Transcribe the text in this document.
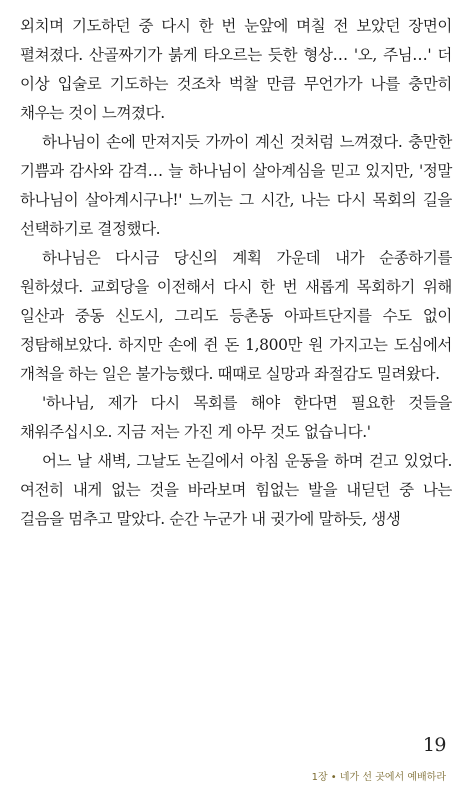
외치며 기도하던 중 다시 한 번 눈앞에 며칠 전 보았던 장면이 펼쳐졌다. 산골짜기가 붉게 타오르는 듯한 형상… '오, 주님…' 더 이상 입술로 기도하는 것조차 벅찰 만큼 무언가가 나를 충만히 채우는 것이 느껴졌다.

하나님이 손에 만져지듯 가까이 계신 것처럼 느껴졌다. 충만한 기쁨과 감사와 감격… 늘 하나님이 살아계심을 믿고 있지만, '정말 하나님이 살아계시구나!' 느끼는 그 시간, 나는 다시 목회의 길을 선택하기로 결정했다.

하나님은 다시금 당신의 계획 가운데 내가 순종하기를 원하셨다. 교회당을 이전해서 다시 한 번 새롭게 목회하기 위해 일산과 중동 신도시, 그리도 등촌동 아파트단지를 수도 없이 정탐해보았다. 하지만 손에 쥔 돈 1,800만 원 가지고는 도심에서 개척을 하는 일은 불가능했다. 때때로 실망과 좌절감도 밀려왔다.

'하나님, 제가 다시 목회를 해야 한다면 필요한 것들을 채워주십시오. 지금 저는 가진 게 아무 것도 없습니다.'

어느 날 새벽, 그날도 논길에서 아침 운동을 하며 걷고 있었다. 여전히 내게 없는 것을 바라보며 힘없는 발을 내딛던 중 나는 걸음을 멈추고 말았다. 순간 누군가 내 귓가에 말하듯, 생생

19
1장 • 네가 선 곳에서 예배하라
